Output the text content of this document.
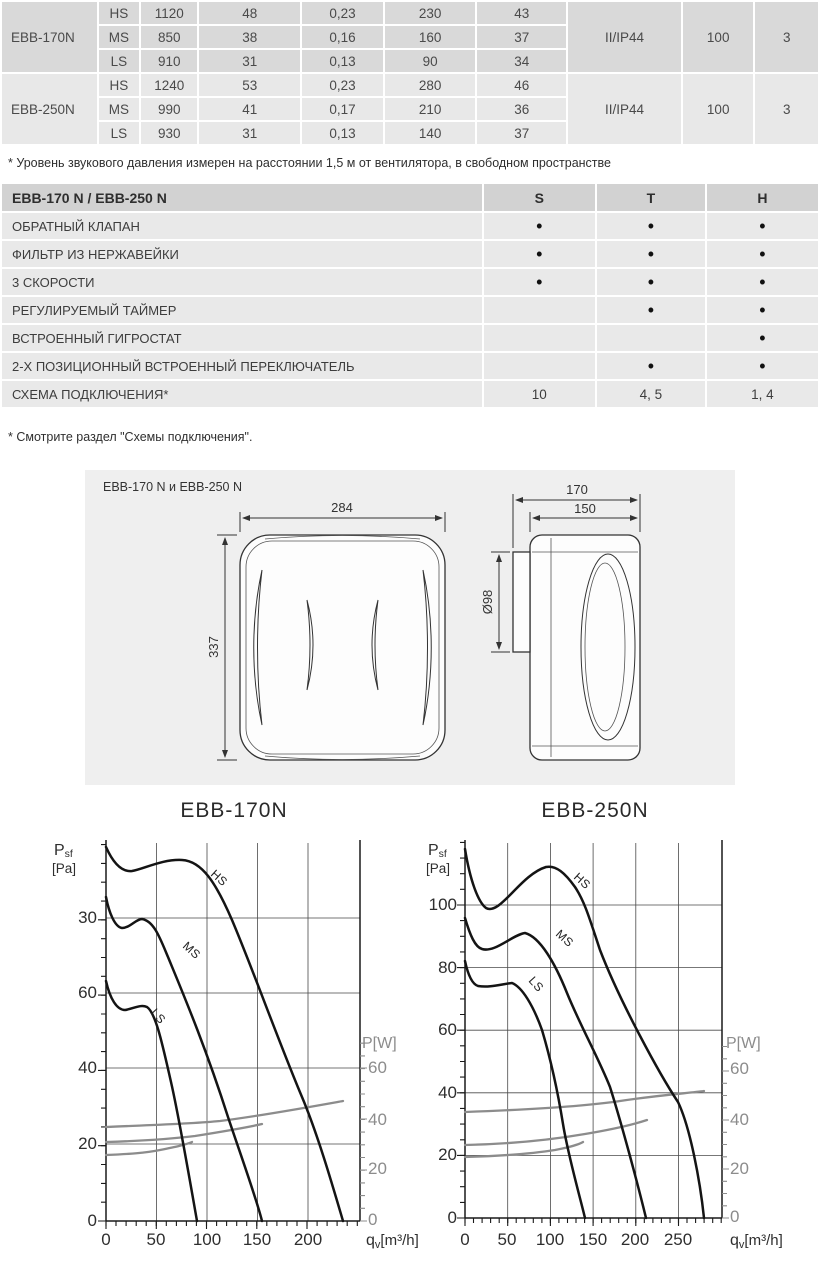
EBB-170N	HS	1120	48	0,23	230	43	II/IP44	100	3
	MS	850	38	0,16	160	37			
	LS	910	31	0,13	90	34			
EBB-250N	HS	1240	53	0,23	280	46	II/IP44	100	3
	MS	990	41	0,17	210	36			
	LS	930	31	0,13	140	37			
* Уровень звукового давления измерен на расстоянии 1,5 м от вентилятора, в свободном пространстве
EBB-170 N / EBB-250 N	S	T	H
ОБРАТНЫЙ КЛАПАН	•	•	•
ФИЛЬТР ИЗ НЕРЖАВЕЙКИ	•	•	•
3 СКОРОСТИ	•	•	•
РЕГУЛИРУЕМЫЙ ТАЙМЕР		•	•
ВСТРОЕННЫЙ ГИГРОСТАТ			•
2-Х ПОЗИЦИОННЫЙ ВСТРОЕННЫЙ ПЕРЕКЛЮЧАТЕЛЬ		•	•
СХЕМА ПОДКЛЮЧЕНИЯ*	10	4, 5	1, 4
* Смотрите раздел "Схемы подключения".
EBB-170 N и EBB-250 N
284
337
170
150
Ø98
EBB-170N
HS
MS
LS
30
60
40
20
0
0 50 100 150 200
60
40
20
0
P[W]
Psf
[Pa]
qv[m³/h]
EBB-250N
HS
MS
LS
100
80
60
40
20
0
0 50 100 150 200 250
60
40
20
0
P[W]
Psf
[Pa]
qv[m³/h]
